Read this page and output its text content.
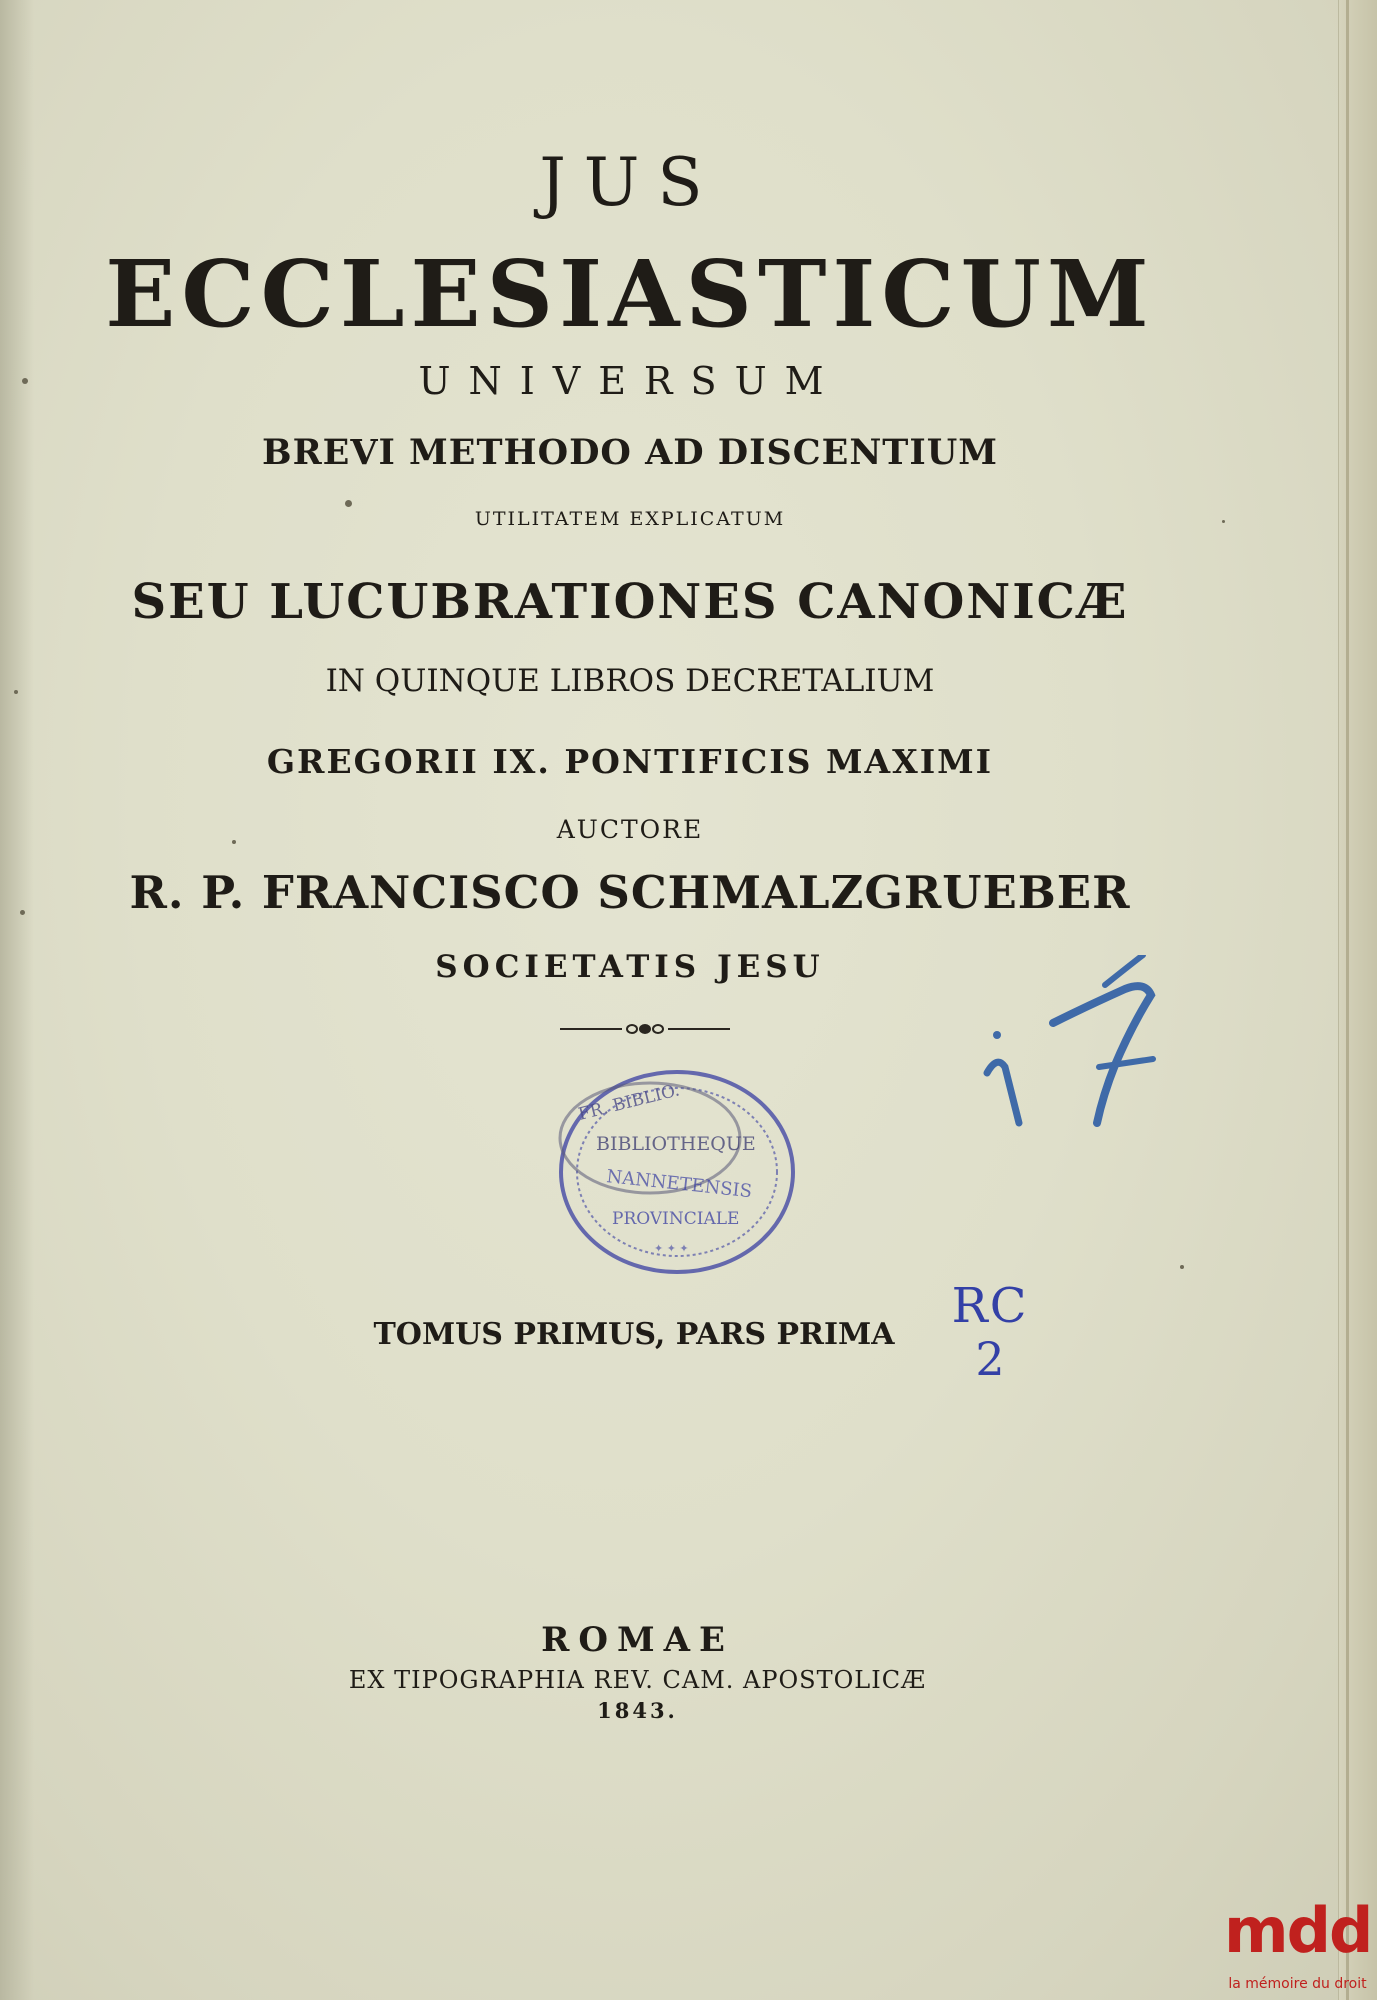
JUS
ECCLESIASTICUM
UNIVERSUM
BREVI METHODO AD DISCENTIUM
UTILITATEM EXPLICATUM
SEU LUCUBRATIONES CANONICÆ
IN QUINQUE LIBROS DECRETALIUM
GREGORII IX. PONTIFICIS MAXIMI
AUCTORE
R. P. FRANCISCO SCHMALZGRUEBER
SOCIETATIS JESU
FR. BIBLIO.
BIBLIOTHEQUE
NANNETENSIS
PROVINCIALE
✦ ✦ ✦
TOMUS PRIMUS, PARS PRIMA
RC
2
ROMAE
EX TIPOGRAPHIA REV. CAM. APOSTOLICÆ
1843.
mdd
la mémoire du droit
